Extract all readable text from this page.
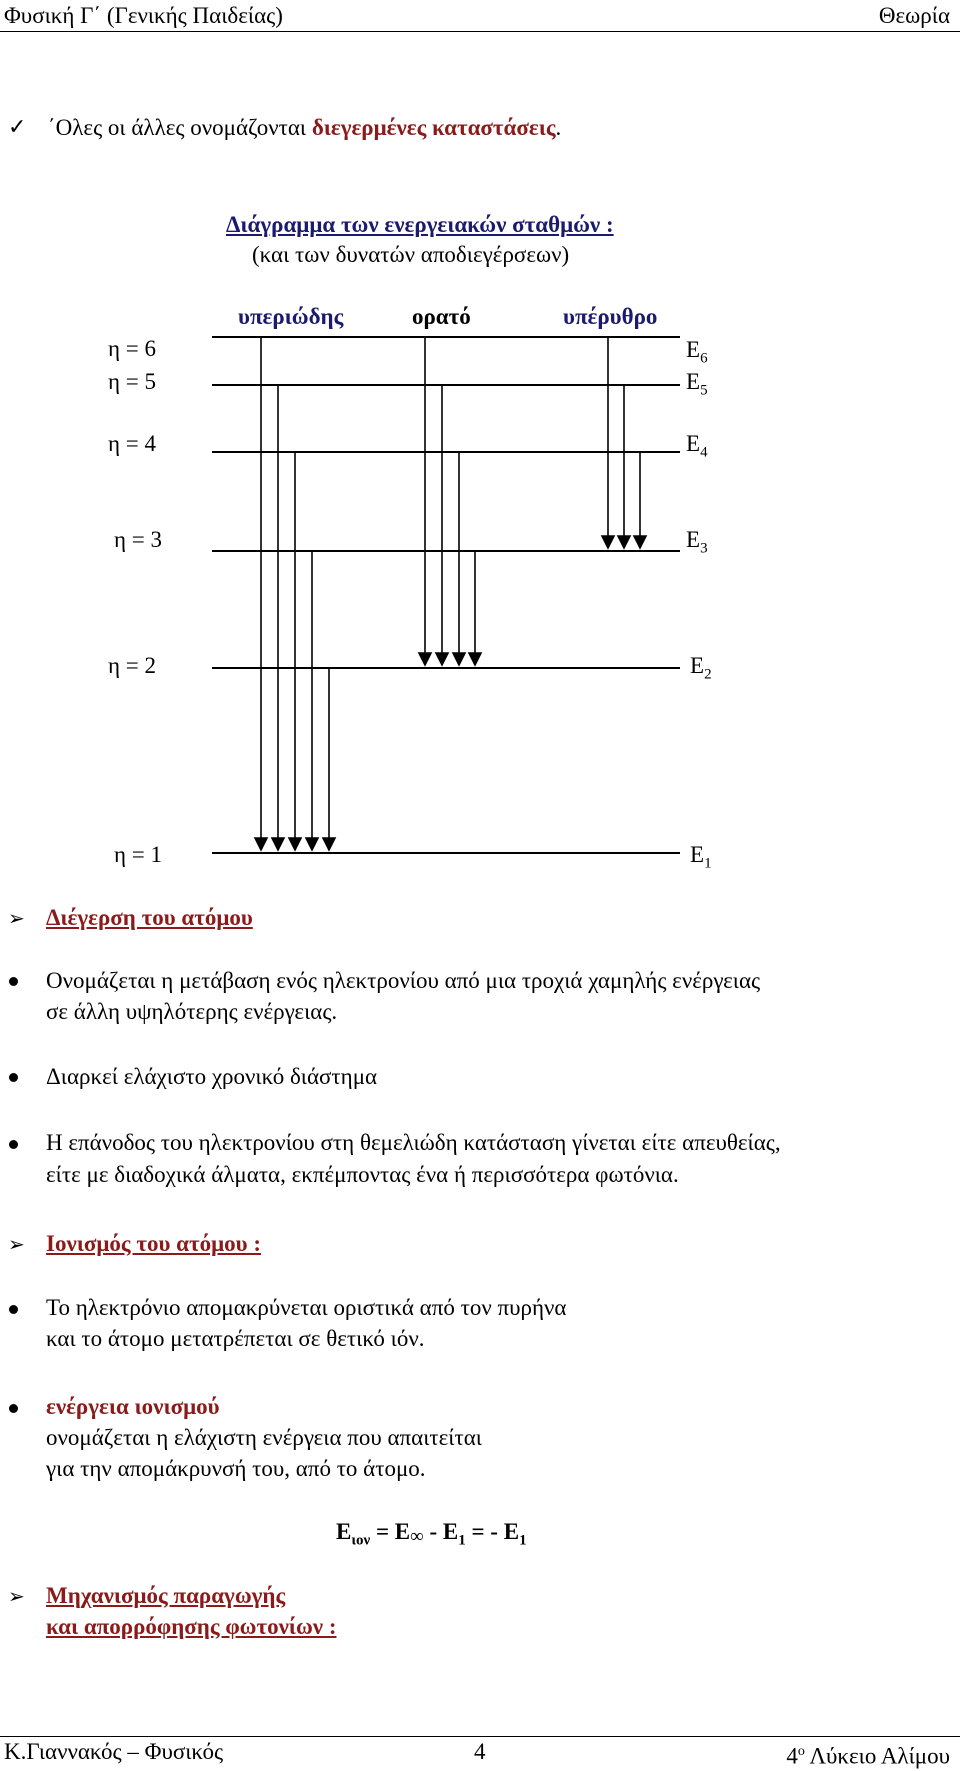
Φυσική Γ΄ (Γενικής Παιδείας)	Θεωρία
✓ ΄Ολες οι άλλες ονομάζονται διεγερμένες καταστάσεις.
Διάγραμμα των ενεργειακών σταθμών :
(και των δυνατών αποδιεγέρσεων)
υπεριώδης	ορατό	υπέρυθρο
η = 6
η = 5
η = 4
η = 3
η = 2
η = 1
$E_6$
$E_5$
$E_4$
$E_3$
$E_2$
$E_1$
➢ Διέγερση του ατόμου
Ονομάζεται η μετάβαση ενός ηλεκτρονίου από μια τροχιά χαμηλής ενέργειας
σε άλλη υψηλότερης ενέργειας.
Διαρκεί ελάχιστο χρονικό διάστημα
Η επάνοδος του ηλεκτρονίου στη θεμελιώδη κατάσταση γίνεται είτε απευθείας,
είτε με διαδοχικά άλματα, εκπέμποντας ένα ή περισσότερα φωτόνια.
➢ Ιονισμός του ατόμου :
Το ηλεκτρόνιο απομακρύνεται οριστικά από τον πυρήνα
και το άτομο μετατρέπεται σε θετικό ιόν.
ενέργεια ιονισμού
ονομάζεται η ελάχιστη ενέργεια που απαιτείται
για την απομάκρυνσή του, από το άτομο.
$E_{\iota o\nu} = E\infty - E_1$ = - $E_1$
➢ Μηχανισμός παραγωγής
και απορρόφησης φωτονίων :
Κ.Γιαννακός – Φυσικός	4	$4^o$ Λύκειο Αλίμου
